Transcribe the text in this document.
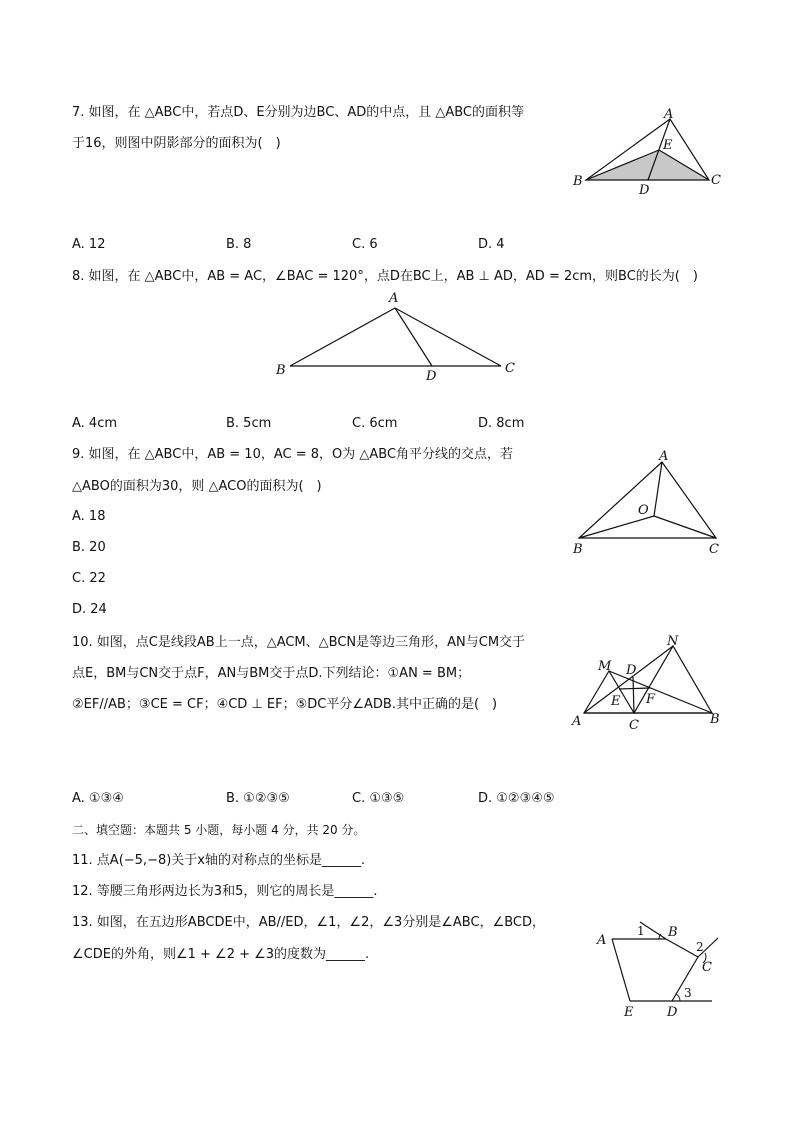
7. 如图，在 △ABC中，若点D、E分别为边BC、AD的中点，且 △ABC的面积等
于16，则图中阴影部分的面积为(　)
A
B	C
D
E
A. 12	B. 8	C. 6	D. 4
8. 如图，在 △ABC中，AB = AC，∠BAC = 120°，点D在BC上，AB ⊥ AD，AD = 2cm，则BC的长为(　)
A
B	C
D
A. 4cm	B. 5cm	C. 6cm	D. 8cm
9. 如图，在 △ABC中，AB = 10，AC = 8，O为 △ABC角平分线的交点，若
△ABO的面积为30，则 △ACO的面积为(　)
A. 18
B. 20
C. 22
D. 24
A
B	C
O
10. 如图，点C是线段AB上一点，△ACM、△BCN是等边三角形，AN与CM交于
点E，BM与CN交于点F，AN与BM交于点D.下列结论：①AN = BM；
②EF//AB；③CE = CF；④CD ⊥ EF；⑤DC平分∠ADB.其中正确的是(　)
A	B
C
D
E F
M
N
A. ①③④	B. ①②③⑤	C. ①③⑤	D. ①②③④⑤
二、填空题：本题共 5 小题，每小题 4 分，共 20 分。
11. 点A(−5,−8)关于x轴的对称点的坐标是______.
12. 等腰三角形两边长为3和5，则它的周长是______.
13. 如图，在五边形ABCDE中，AB//ED，∠1，∠2，∠3分别是∠ABC，∠BCD，
∠CDE的外角，则∠1 + ∠2 + ∠3的度数为______.
A
B
C
D
E
1
2
3
